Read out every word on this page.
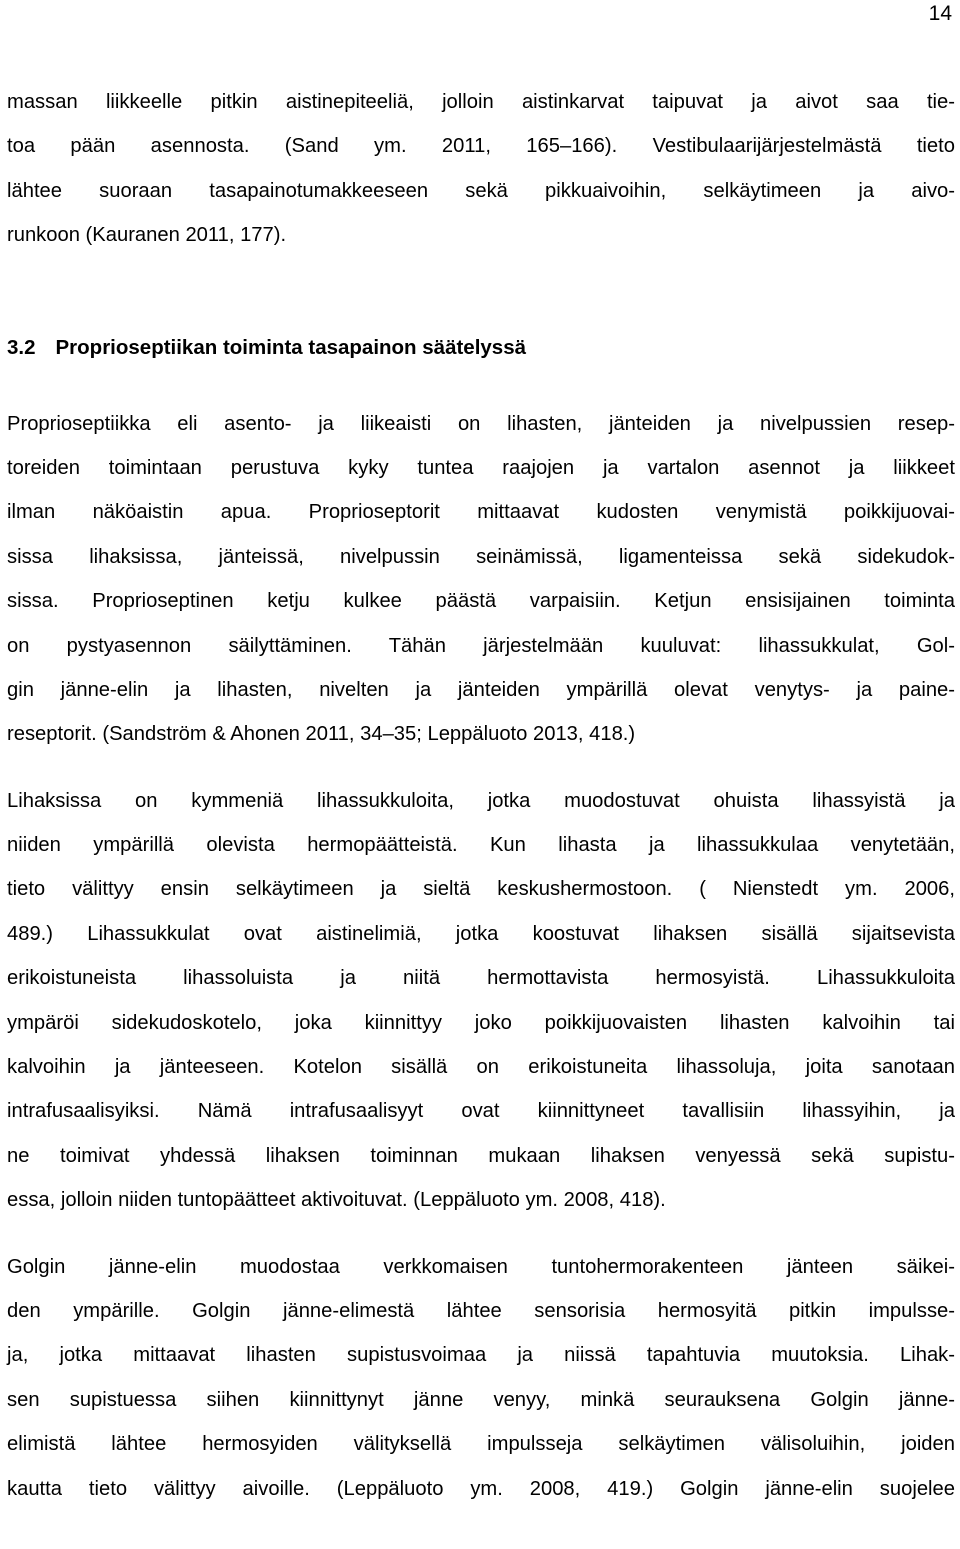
14
massan liikkeelle pitkin aistinepiteeliä, jolloin aistinkarvat taipuvat ja aivot saa tie-
toa pään asennosta. (Sand ym. 2011, 165–166). Vestibulaarijärjestelmästä tieto
lähtee suoraan tasapainotumakkeeseen sekä pikkuaivoihin, selkäytimeen ja aivo-
runkoon (Kauranen 2011, 177).
3.2 Proprioseptiikan toiminta tasapainon säätelyssä
Proprioseptiikka eli asento- ja liikeaisti on lihasten, jänteiden ja nivelpussien resep-
toreiden toimintaan perustuva kyky tuntea raajojen ja vartalon asennot ja liikkeet
ilman näköaistin apua. Proprioseptorit mittaavat kudosten venymistä poikkijuovai-
sissa lihaksissa, jänteissä, nivelpussin seinämissä, ligamenteissa sekä sidekudok-
sissa. Proprioseptinen ketju kulkee päästä varpaisiin. Ketjun ensisijainen toiminta
on pystyasennon säilyttäminen. Tähän järjestelmään kuuluvat: lihassukkulat, Gol-
gin jänne-elin ja lihasten, nivelten ja jänteiden ympärillä olevat venytys- ja paine-
reseptorit. (Sandström & Ahonen 2011, 34–35; Leppäluoto 2013, 418.)
Lihaksissa on kymmeniä lihassukkuloita, jotka muodostuvat ohuista lihassyistä ja
niiden ympärillä olevista hermopäätteistä. Kun lihasta ja lihassukkulaa venytetään,
tieto välittyy ensin selkäytimeen ja sieltä keskushermostoon. ( Nienstedt ym. 2006,
489.) Lihassukkulat ovat aistinelimiä, jotka koostuvat lihaksen sisällä sijaitsevista
erikoistuneista lihassoluista ja niitä hermottavista hermosyistä. Lihassukkuloita
ympäröi sidekudoskotelo, joka kiinnittyy joko poikkijuovaisten lihasten kalvoihin tai
kalvoihin ja jänteeseen. Kotelon sisällä on erikoistuneita lihassoluja, joita sanotaan
intrafusaalisyiksi. Nämä intrafusaalisyyt ovat kiinnittyneet tavallisiin lihassyihin, ja
ne toimivat yhdessä lihaksen toiminnan mukaan lihaksen venyessä sekä supistu-
essa, jolloin niiden tuntopäätteet aktivoituvat. (Leppäluoto ym. 2008, 418).
Golgin jänne-elin muodostaa verkkomaisen tuntohermorakenteen jänteen säikei-
den ympärille. Golgin jänne-elimestä lähtee sensorisia hermosyitä pitkin impulsse-
ja, jotka mittaavat lihasten supistusvoimaa ja niissä tapahtuvia muutoksia. Lihak-
sen supistuessa siihen kiinnittynyt jänne venyy, minkä seurauksena Golgin jänne-
elimistä lähtee hermosyiden välityksellä impulsseja selkäytimen välisoluihin, joiden
kautta tieto välittyy aivoille. (Leppäluoto ym. 2008, 419.) Golgin jänne-elin suojelee
